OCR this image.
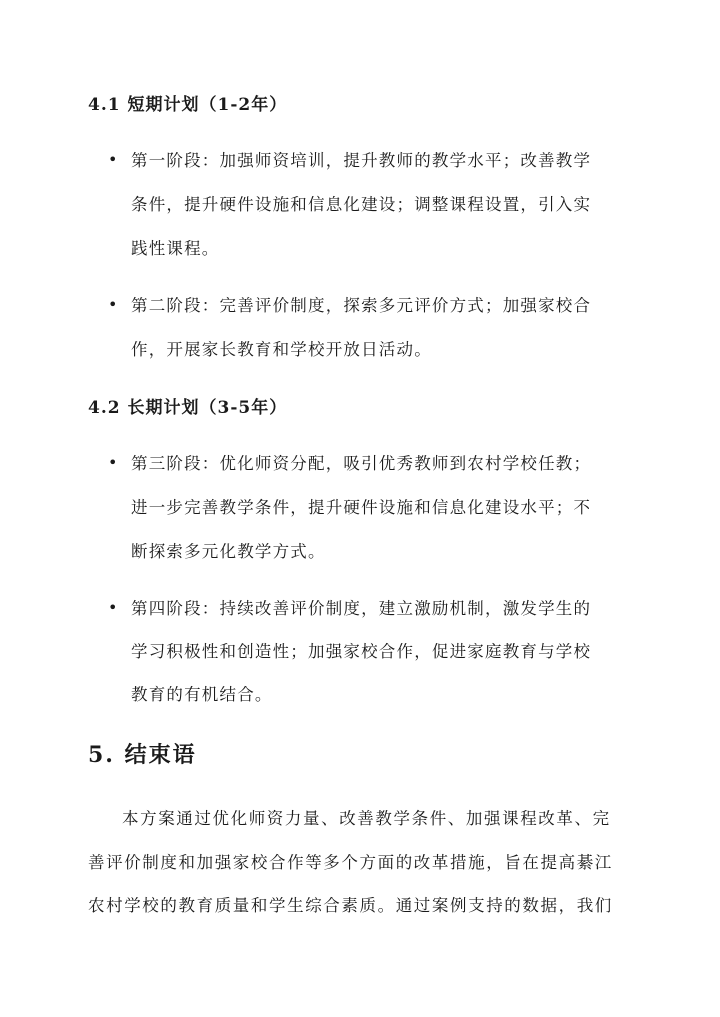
4.1 短期计划（1-2年）
• 第一阶段：加强师资培训，提升教师的教学水平；改善教学
条件，提升硬件设施和信息化建设；调整课程设置，引入实
践性课程。
• 第二阶段：完善评价制度，探索多元评价方式；加强家校合
作，开展家长教育和学校开放日活动。
4.2 长期计划（3-5年）
• 第三阶段：优化师资分配，吸引优秀教师到农村学校任教；
进一步完善教学条件，提升硬件设施和信息化建设水平；不
断探索多元化教学方式。
• 第四阶段：持续改善评价制度，建立激励机制，激发学生的
学习积极性和创造性；加强家校合作，促进家庭教育与学校
教育的有机结合。
5. 结束语
本方案通过优化师资力量、改善教学条件、加强课程改革、完
善评价制度和加强家校合作等多个方面的改革措施，旨在提高綦江
农村学校的教育质量和学生综合素质。通过案例支持的数据，我们
